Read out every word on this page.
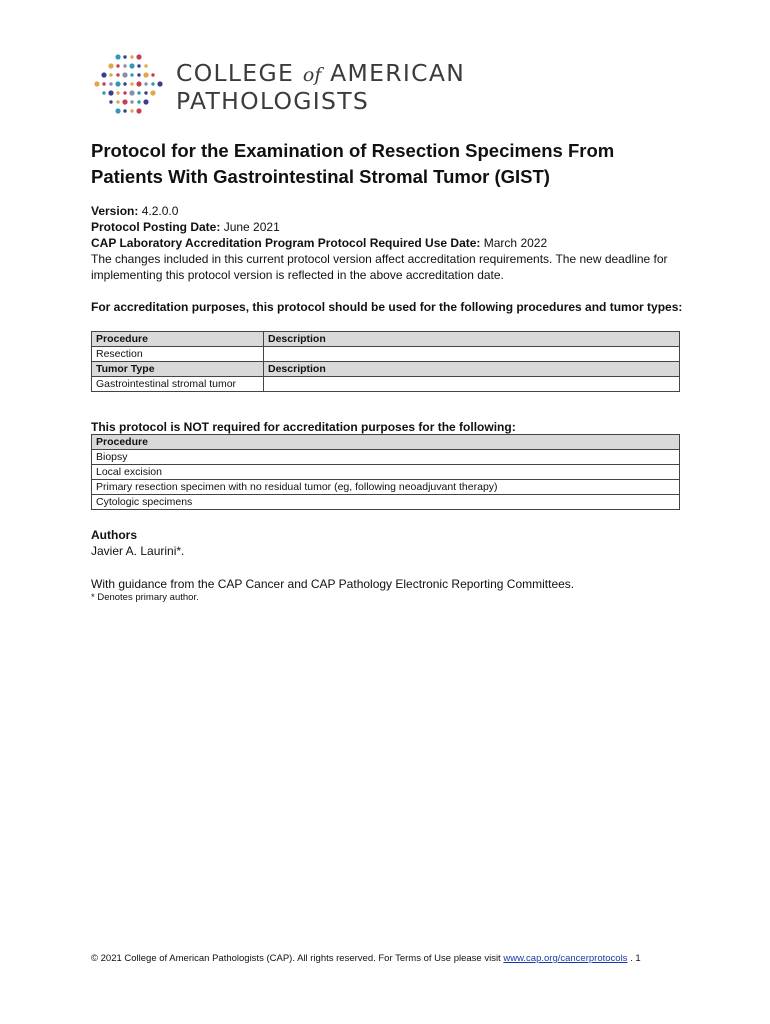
COLLEGE of AMERICAN
PATHOLOGISTS
Protocol for the Examination of Resection Specimens From Patients With Gastrointestinal Stromal Tumor (GIST)
Version: 4.2.0.0
Protocol Posting Date: June 2021
CAP Laboratory Accreditation Program Protocol Required Use Date: March 2022
The changes included in this current protocol version affect accreditation requirements. The new deadline for implementing this protocol version is reflected in the above accreditation date.
For accreditation purposes, this protocol should be used for the following procedures and tumor types:
Procedure	Description
Resection	
Tumor Type	Description
Gastrointestinal stromal tumor	
This protocol is NOT required for accreditation purposes for the following:
Procedure
Biopsy
Local excision
Primary resection specimen with no residual tumor (eg, following neoadjuvant therapy)
Cytologic specimens
Authors
Javier A. Laurini*.
With guidance from the CAP Cancer and CAP Pathology Electronic Reporting Committees.
* Denotes primary author.
© 2021 College of American Pathologists (CAP). All rights reserved. For Terms of Use please visit www.cap.org/cancerprotocols . 1
